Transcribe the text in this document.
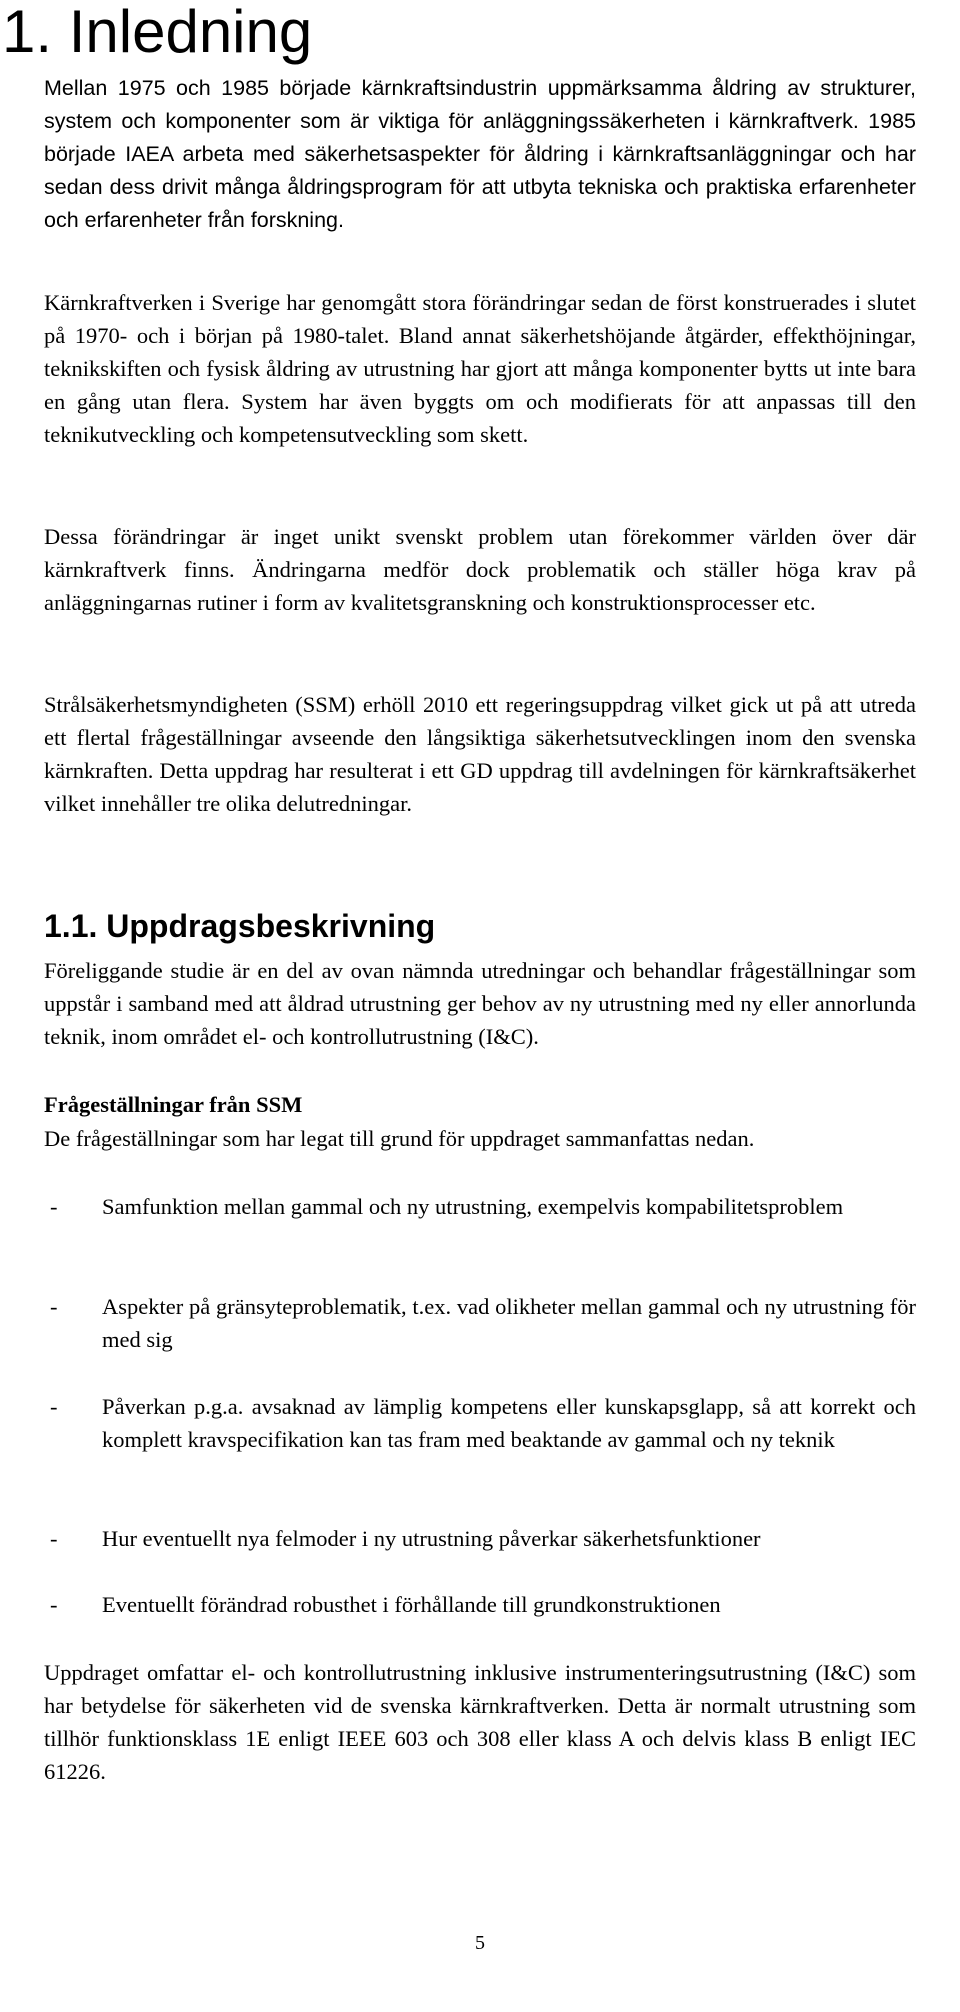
1. Inledning

Mellan 1975 och 1985 började kärnkraftsindustrin uppmärksamma åldring av strukturer, system och komponenter som är viktiga för anläggningssäkerheten i kärnkraftverk. 1985 började IAEA arbeta med säkerhetsaspekter för åldring i kärnkraftsanläggningar och har sedan dess drivit många åldringsprogram för att utbyta tekniska och praktiska erfarenheter och erfarenheter från forskning.

Kärnkraftverken i Sverige har genomgått stora förändringar sedan de först konstruerades i slutet på 1970- och i början på 1980-talet. Bland annat säkerhetshöjande åtgärder, effekthöjningar, teknikskiften och fysisk åldring av utrustning har gjort att många komponenter bytts ut inte bara en gång utan flera. System har även byggts om och modifierats för att anpassas till den teknikutveckling och kompetensutveckling som skett.

Dessa förändringar är inget unikt svenskt problem utan förekommer världen över där kärnkraftverk finns. Ändringarna medför dock problematik och ställer höga krav på anläggningarnas rutiner i form av kvalitetsgranskning och konstruktionsprocesser etc.

Strålsäkerhetsmyndigheten (SSM) erhöll 2010 ett regeringsuppdrag vilket gick ut på att utreda ett flertal frågeställningar avseende den långsiktiga säkerhetsutvecklingen inom den svenska kärnkraften. Detta uppdrag har resulterat i ett GD uppdrag till avdelningen för kärnkraftsäkerhet vilket innehåller tre olika delutredningar.

1.1. Uppdragsbeskrivning

Föreliggande studie är en del av ovan nämnda utredningar och behandlar frågeställningar som uppstår i samband med att åldrad utrustning ger behov av ny utrustning med ny eller annorlunda teknik, inom området el- och kontrollutrustning (I&C).

Frågeställningar från SSM

De frågeställningar som har legat till grund för uppdraget sammanfattas nedan.

- Samfunktion mellan gammal och ny utrustning, exempelvis kompabilitetsproblem
- Aspekter på gränsyteproblematik, t.ex. vad olikheter mellan gammal och ny utrustning för med sig
- Påverkan p.g.a. avsaknad av lämplig kompetens eller kunskapsglapp, så att korrekt och komplett kravspecifikation kan tas fram med beaktande av gammal och ny teknik
- Hur eventuellt nya felmoder i ny utrustning påverkar säkerhetsfunktioner
- Eventuellt förändrad robusthet i förhållande till grundkonstruktionen

Uppdraget omfattar el- och kontrollutrustning inklusive instrumenteringsutrustning (I&C) som har betydelse för säkerheten vid de svenska kärnkraftverken. Detta är normalt utrustning som tillhör funktionsklass 1E enligt IEEE 603 och 308 eller klass A och delvis klass B enligt IEC 61226.

5
